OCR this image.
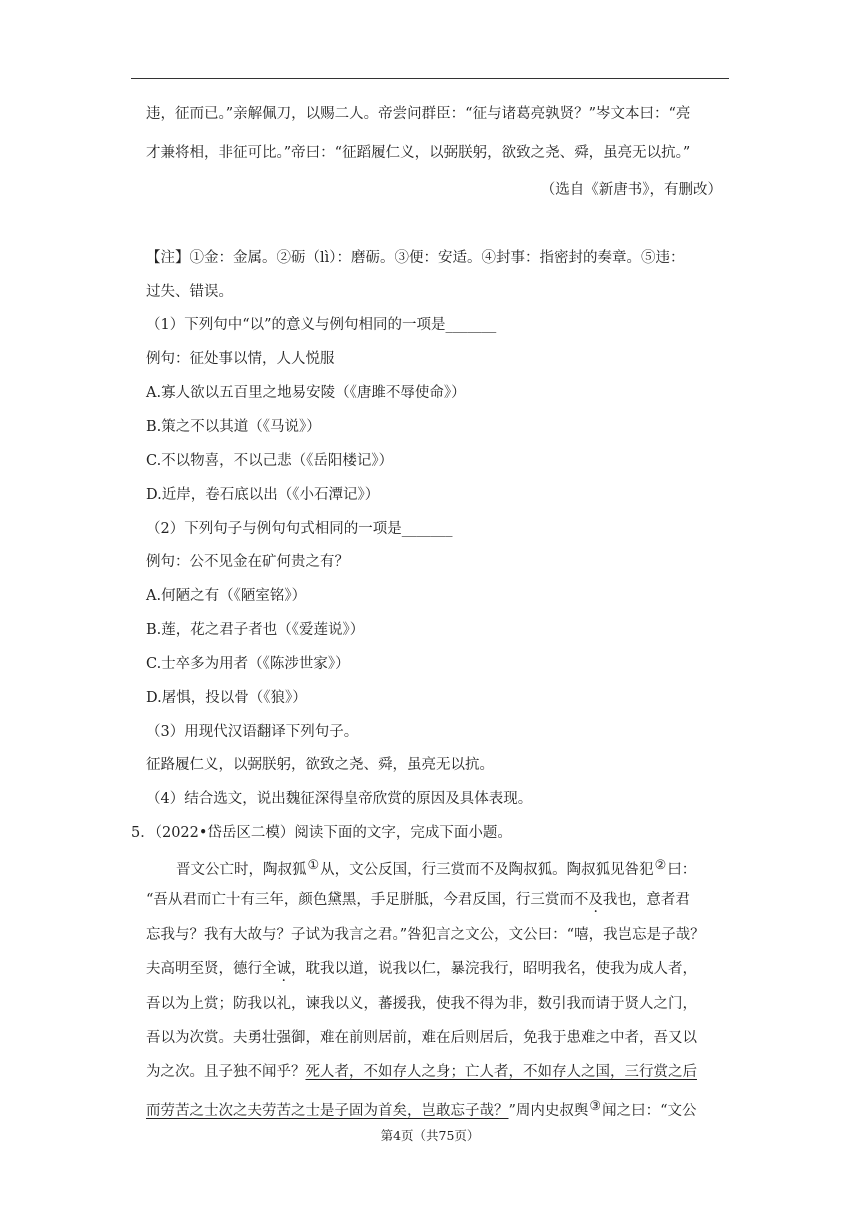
违，征而已。”亲解佩刀，以赐二人。帝尝问群臣：“征与诸葛亮孰贤？”岑文本曰：“亮
才兼将相，非征可比。”帝曰：“征蹈履仁义，以弼朕躬，欲致之尧、舜，虽亮无以抗。”
（选自《新唐书》，有删改）
【注】①金：金属。②砺（lì）：磨砺。③便：安适。④封事：指密封的奏章。⑤违：
过失、错误。
（1）下列句中“以”的意义与例句相同的一项是_______
例句：征处事以情，人人悦服
A.寡人欲以五百里之地易安陵（《唐雎不辱使命》）
B.策之不以其道（《马说》）
C.不以物喜，不以己悲（《岳阳楼记》）
D.近岸，卷石底以出（《小石潭记》）
（2）下列句子与例句句式相同的一项是_______
例句：公不见金在矿何贵之有？
A.何陋之有（《陋室铭》）
B.莲，花之君子者也（《爱莲说》）
C.士卒多为用者（《陈涉世家》）
D.屠惧，投以骨（《狼》）
（3）用现代汉语翻译下列句子。
征路履仁义，以弼朕躬，欲致之尧、舜，虽亮无以抗。
（4）结合选文，说出魏征深得皇帝欣赏的原因及具体表现。
5．（2022•岱岳区二模）阅读下面的文字，完成下面小题。
晋文公亡时，陶叔狐①从，文公反国，行三赏而不及陶叔狐。陶叔狐见咎犯②曰：
“吾从君而亡十有三年，颜色黛黑，手足胼胝，今君反国，行三赏而不及我也，意者君
忘我与？我有大故与？子试为我言之君。”咎犯言之文公，文公曰：“嘻，我岂忘是子哉？
夫高明至贤，德行全诚，耽我以道，说我以仁，暴浣我行，昭明我名，使我为成人者，
吾以为上赏；防我以礼，谏我以义，蕃援我，使我不得为非，数引我而请于贤人之门，
吾以为次赏。夫勇壮强御，难在前则居前，难在后则居后，免我于患难之中者，吾又以
为之次。且子独不闻乎？死人者，不如存人之身；亡人者，不如存人之国，三行赏之后
而劳苦之士次之夫劳苦之士是子固为首矣，岂敢忘子哉？”周内史叔舆③闻之曰：“文公
第4页（共75页）
